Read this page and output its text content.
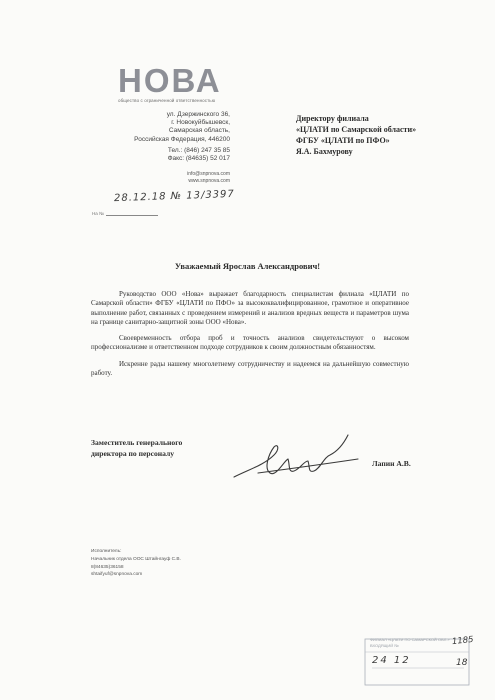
НОВА
общество с ограниченной ответственностью
ул. Дзержинского 36,
г. Новокуйбышевск,
Самарская область,
Российская Федерация, 446200
Тел.: (846) 247 35 85
Факс: (84635) 52 017
info@snpnova.com
www.snpnova.com
28.12.18 № 13/3397
На №
Директору филиала
«ЦЛАТИ по Самарской области»
ФГБУ «ЦЛАТИ по ПФО»
Я.А. Бахмурову
Уважаемый Ярослав Александрович!

Руководство ООО «Нова» выражает благодарность специалистам филиала «ЦЛАТИ по Самарской области» ФГБУ «ЦЛАТИ по ПФО» за высококвалифицированное, грамотное и оперативное выполнение работ, связанных с проведением измерений и анализов вредных веществ и параметров шума на границе санитарно-защитной зоны ООО «Нова».

Своевременность отбора проб и точность анализов свидетельствуют о высоком профессионализме и ответственном подходе сотрудников к своим должностным обязанностям.

Искренне рады нашему многолетнему сотрудничеству и надеемся на дальнейшую совместную работу.

Заместитель генерального
директора по персоналу
Лапин А.В.
Исполнитель:
Начальник отдела ООС Штайнгауф С.В.
8(84635)36158
shtaifyuf@snpnova.com
ФИЛИАЛ «ЦЛАТИ ПО САМАРСКОЙ ОБЛ.»
ВХОДЯЩИЙ №	1185
24 12	18
